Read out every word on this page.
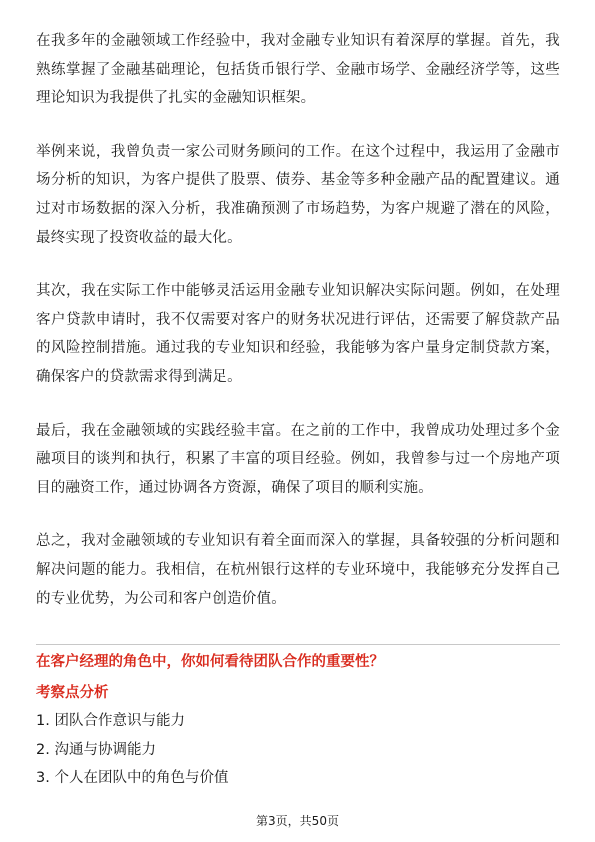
在我多年的金融领域工作经验中，我对金融专业知识有着深厚的掌握。首先，我熟练掌握了金融基础理论，包括货币银行学、金融市场学、金融经济学等，这些理论知识为我提供了扎实的金融知识框架。

举例来说，我曾负责一家公司财务顾问的工作。在这个过程中，我运用了金融市场分析的知识，为客户提供了股票、债券、基金等多种金融产品的配置建议。通过对市场数据的深入分析，我准确预测了市场趋势，为客户规避了潜在的风险，最终实现了投资收益的最大化。

其次，我在实际工作中能够灵活运用金融专业知识解决实际问题。例如，在处理客户贷款申请时，我不仅需要对客户的财务状况进行评估，还需要了解贷款产品的风险控制措施。通过我的专业知识和经验，我能够为客户量身定制贷款方案，确保客户的贷款需求得到满足。

最后，我在金融领域的实践经验丰富。在之前的工作中，我曾成功处理过多个金融项目的谈判和执行，积累了丰富的项目经验。例如，我曾参与过一个房地产项目的融资工作，通过协调各方资源，确保了项目的顺利实施。

总之，我对金融领域的专业知识有着全面而深入的掌握，具备较强的分析问题和解决问题的能力。我相信，在杭州银行这样的专业环境中，我能够充分发挥自己的专业优势，为公司和客户创造价值。

在客户经理的角色中，你如何看待团队合作的重要性？

考察点分析

1. 团队合作意识与能力
2. 沟通与协调能力
3. 个人在团队中的角色与价值
第3页，共50页
